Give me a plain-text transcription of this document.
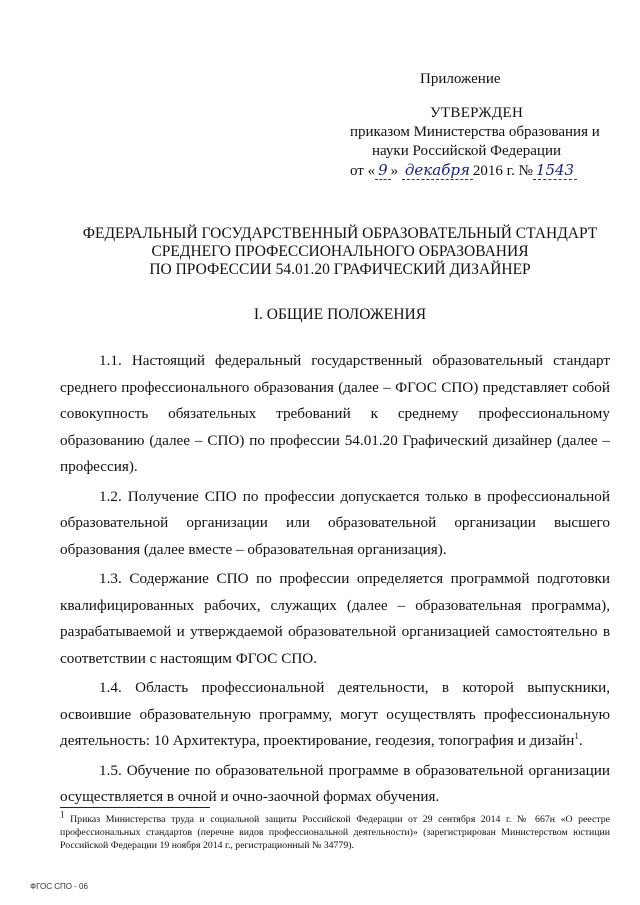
Приложение
УТВЕРЖДЕН
приказом Министерства образования и
науки Российской Федерации
от « 9 » декабря 2016 г. № 1543
ФЕДЕРАЛЬНЫЙ ГОСУДАРСТВЕННЫЙ ОБРАЗОВАТЕЛЬНЫЙ СТАНДАРТ
СРЕДНЕГО ПРОФЕССИОНАЛЬНОГО ОБРАЗОВАНИЯ
ПО ПРОФЕССИИ 54.01.20 ГРАФИЧЕСКИЙ ДИЗАЙНЕР
I. ОБЩИЕ ПОЛОЖЕНИЯ

1.1. Настоящий федеральный государственный образовательный стандарт среднего профессионального образования (далее – ФГОС СПО) представляет собой совокупность обязательных требований к среднему профессиональному образованию (далее – СПО) по профессии 54.01.20 Графический дизайнер (далее – профессия).

1.2. Получение СПО по профессии допускается только в профессиональной образовательной организации или образовательной организации высшего образования (далее вместе – образовательная организация).

1.3. Содержание СПО по профессии определяется программой подготовки квалифицированных рабочих, служащих (далее – образовательная программа), разрабатываемой и утверждаемой образовательной организацией самостоятельно в соответствии с настоящим ФГОС СПО.

1.4. Область профессиональной деятельности, в которой выпускники, освоившие образовательную программу, могут осуществлять профессиональную деятельность: 10 Архитектура, проектирование, геодезия, топография и дизайн$^1$.

1.5. Обучение по образовательной программе в образовательной организации осуществляется в очной и очно-заочной формах обучения.

$^1$ Приказ Министерства труда и социальной защиты Российской Федерации от 29 сентября 2014 г. № 667н «О реестре профессиональных стандартов (перечне видов профессиональной деятельности)» (зарегистрирован Министерством юстиции Российской Федерации 19 ноября 2014 г., регистрационный № 34779).
ФГОС СПО - 06
